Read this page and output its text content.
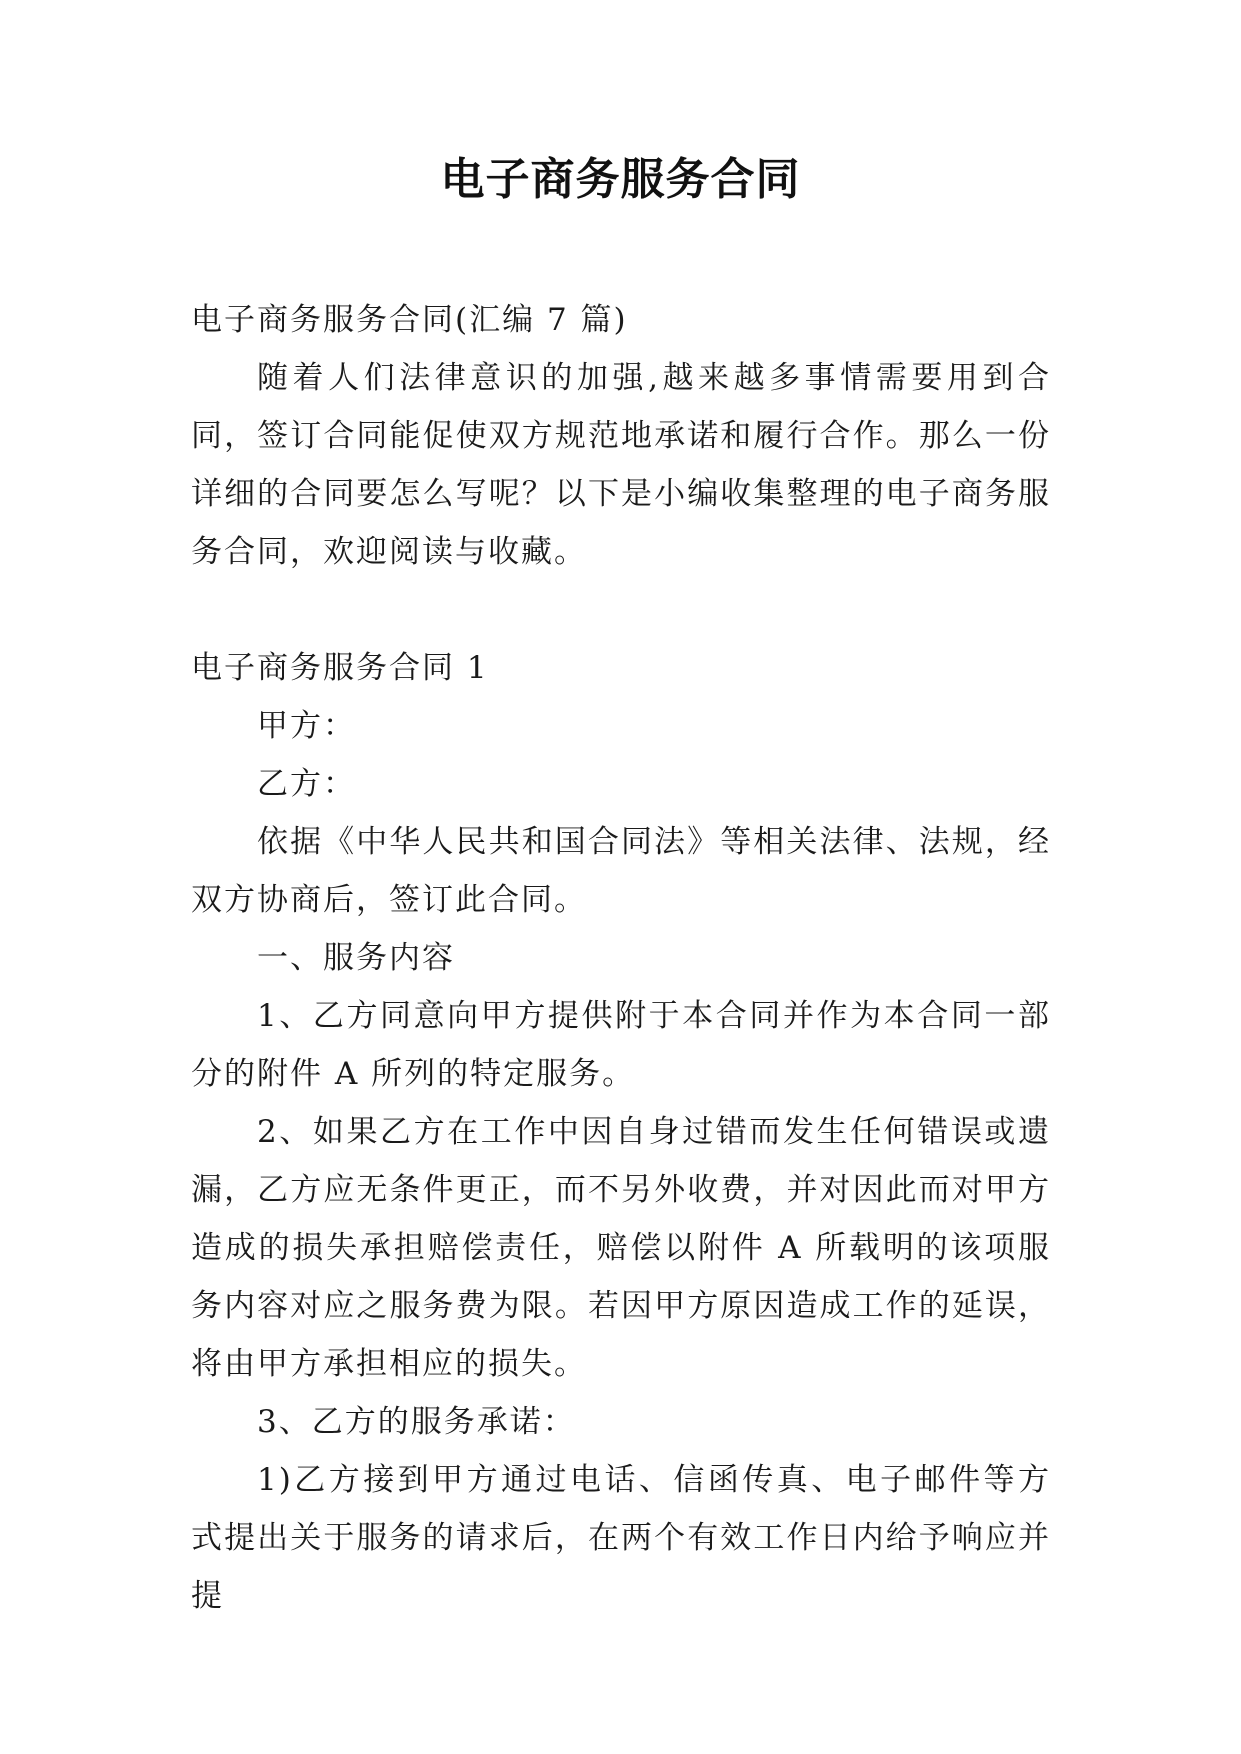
电子商务服务合同

电子商务服务合同(汇编 7 篇)

随着人们法律意识的加强,越来越多事情需要用到合同，签订合同能促使双方规范地承诺和履行合作。那么一份详细的合同要怎么写呢？以下是小编收集整理的电子商务服务合同，欢迎阅读与收藏。

电子商务服务合同 1

甲方：

乙方：

依据《中华人民共和国合同法》等相关法律、法规，经双方协商后，签订此合同。

一、服务内容

1、乙方同意向甲方提供附于本合同并作为本合同一部分的附件 A 所列的特定服务。

2、如果乙方在工作中因自身过错而发生任何错误或遗漏，乙方应无条件更正，而不另外收费，并对因此而对甲方造成的损失承担赔偿责任，赔偿以附件 A 所载明的该项服务内容对应之服务费为限。若因甲方原因造成工作的延误，将由甲方承担相应的损失。

3、乙方的服务承诺：

1)乙方接到甲方通过电话、信函传真、电子邮件等方式提出关于服务的请求后，在两个有效工作日内给予响应并提
